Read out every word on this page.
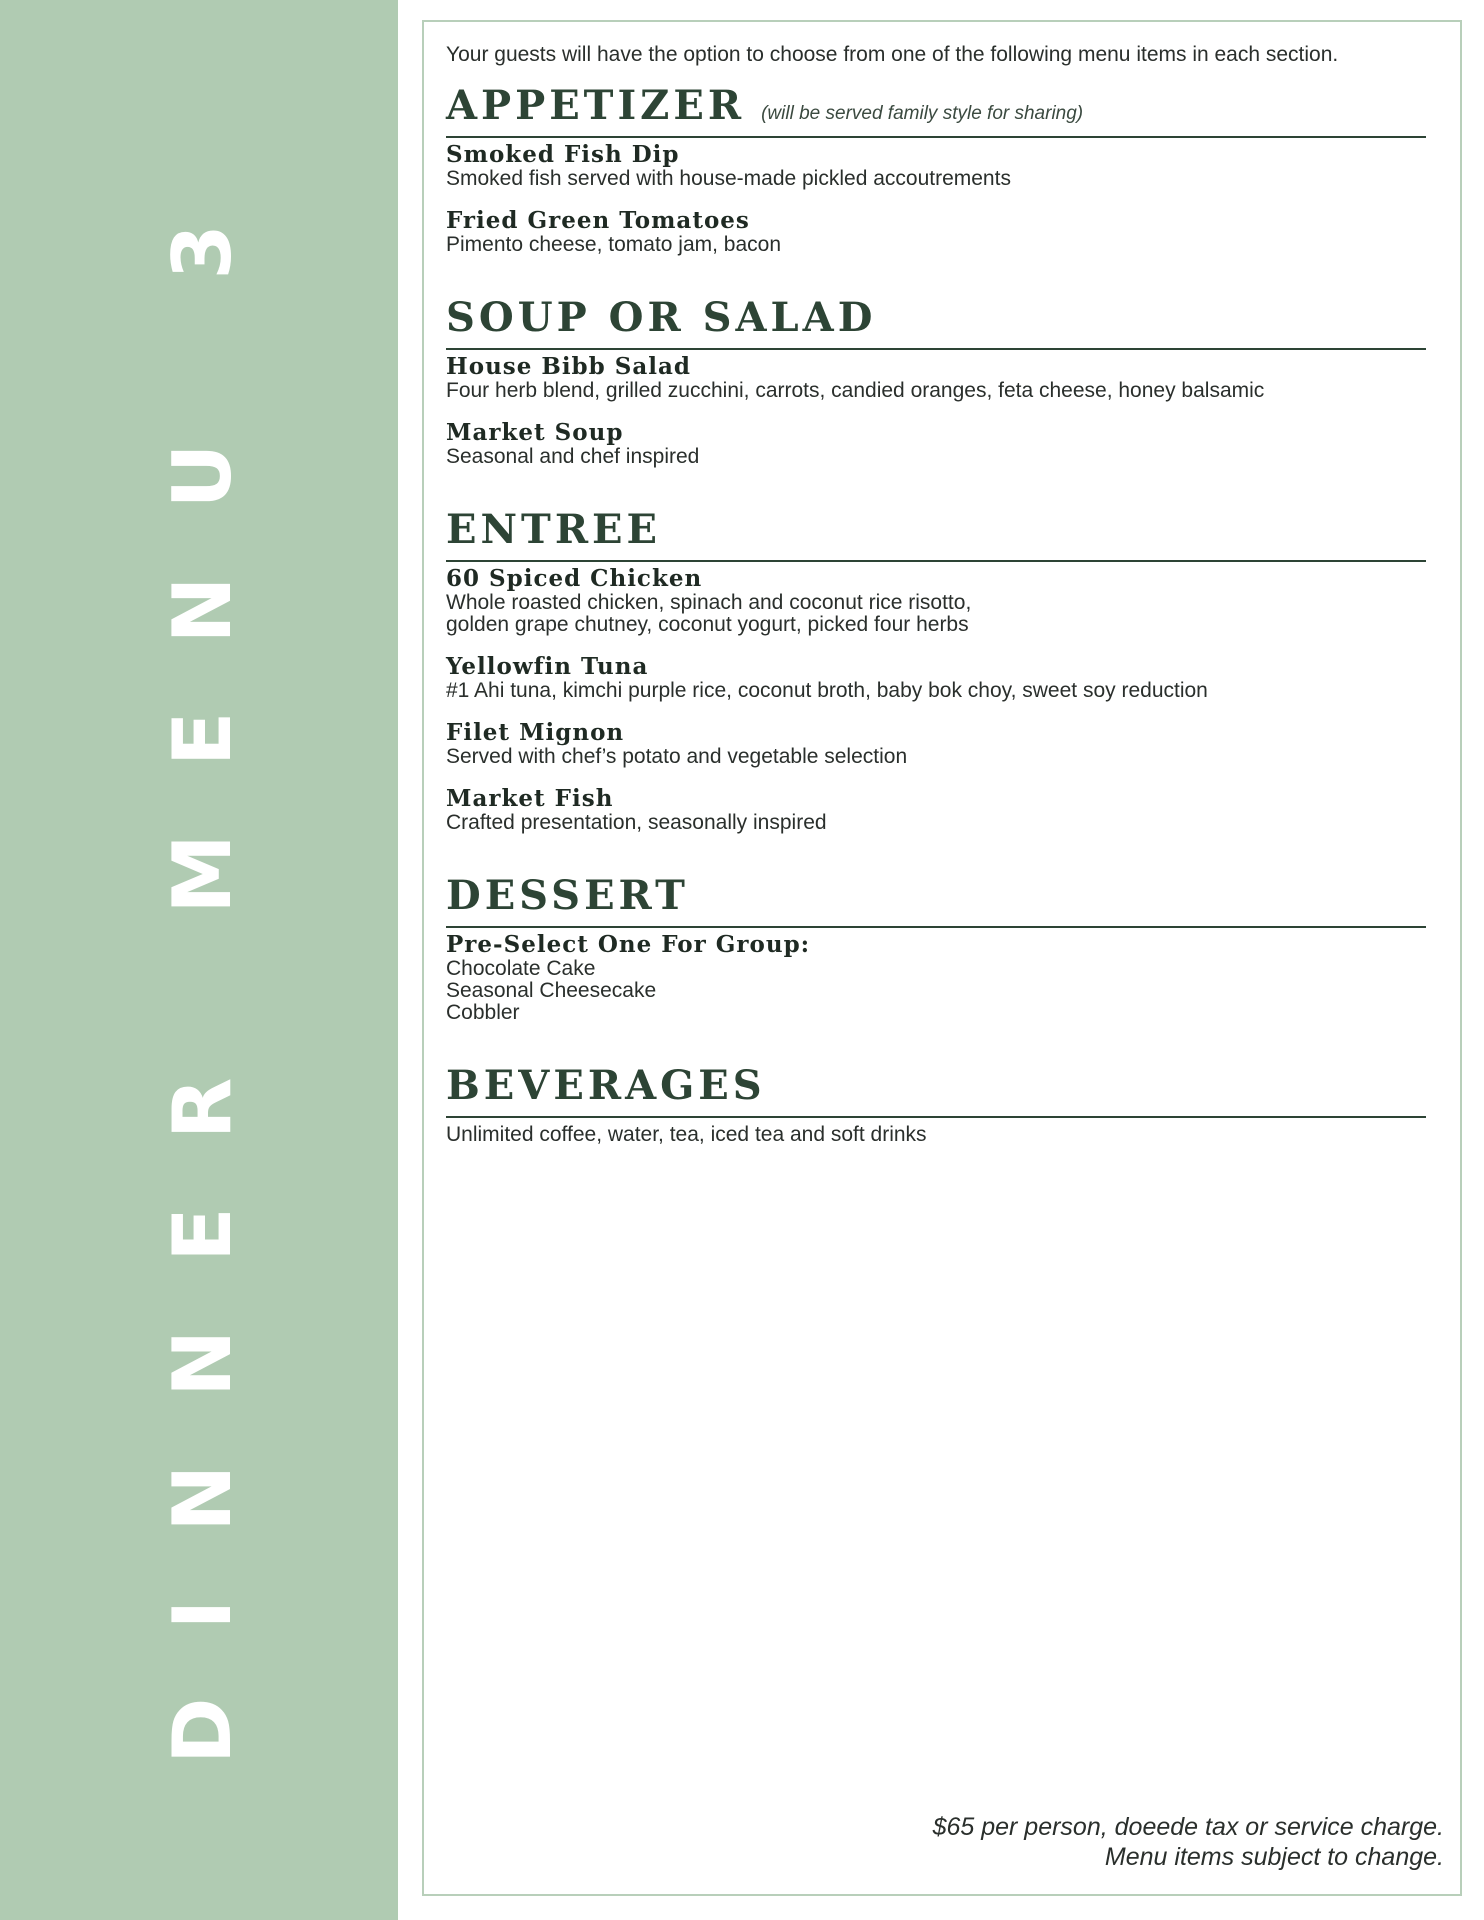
DINNER MENU 3

Your guests will have the option to choose from one of the following menu items in each section.

APPETIZER (will be served family style for sharing)
Smoked Fish Dip
Smoked fish served with house-made pickled accoutrements
Fried Green Tomatoes
Pimento cheese, tomato jam, bacon
SOUP OR SALAD
House Bibb Salad
Four herb blend, grilled zucchini, carrots, candied oranges, feta cheese, honey balsamic
Market Soup
Seasonal and chef inspired
ENTREE
60 Spiced Chicken
Whole roasted chicken, spinach and coconut rice risotto,
golden grape chutney, coconut yogurt, picked four herbs
Yellowfin Tuna
#1 Ahi tuna, kimchi purple rice, coconut broth, baby bok choy, sweet soy reduction
Filet Mignon
Served with chef’s potato and vegetable selection
Market Fish
Crafted presentation, seasonally inspired
DESSERT
Pre-Select One For Group:
Chocolate Cake
Seasonal Cheesecake
Cobbler
BEVERAGES
Unlimited coffee, water, tea, iced tea and soft drinks
$65 per person, doeede tax or service charge.
Menu items subject to change.
